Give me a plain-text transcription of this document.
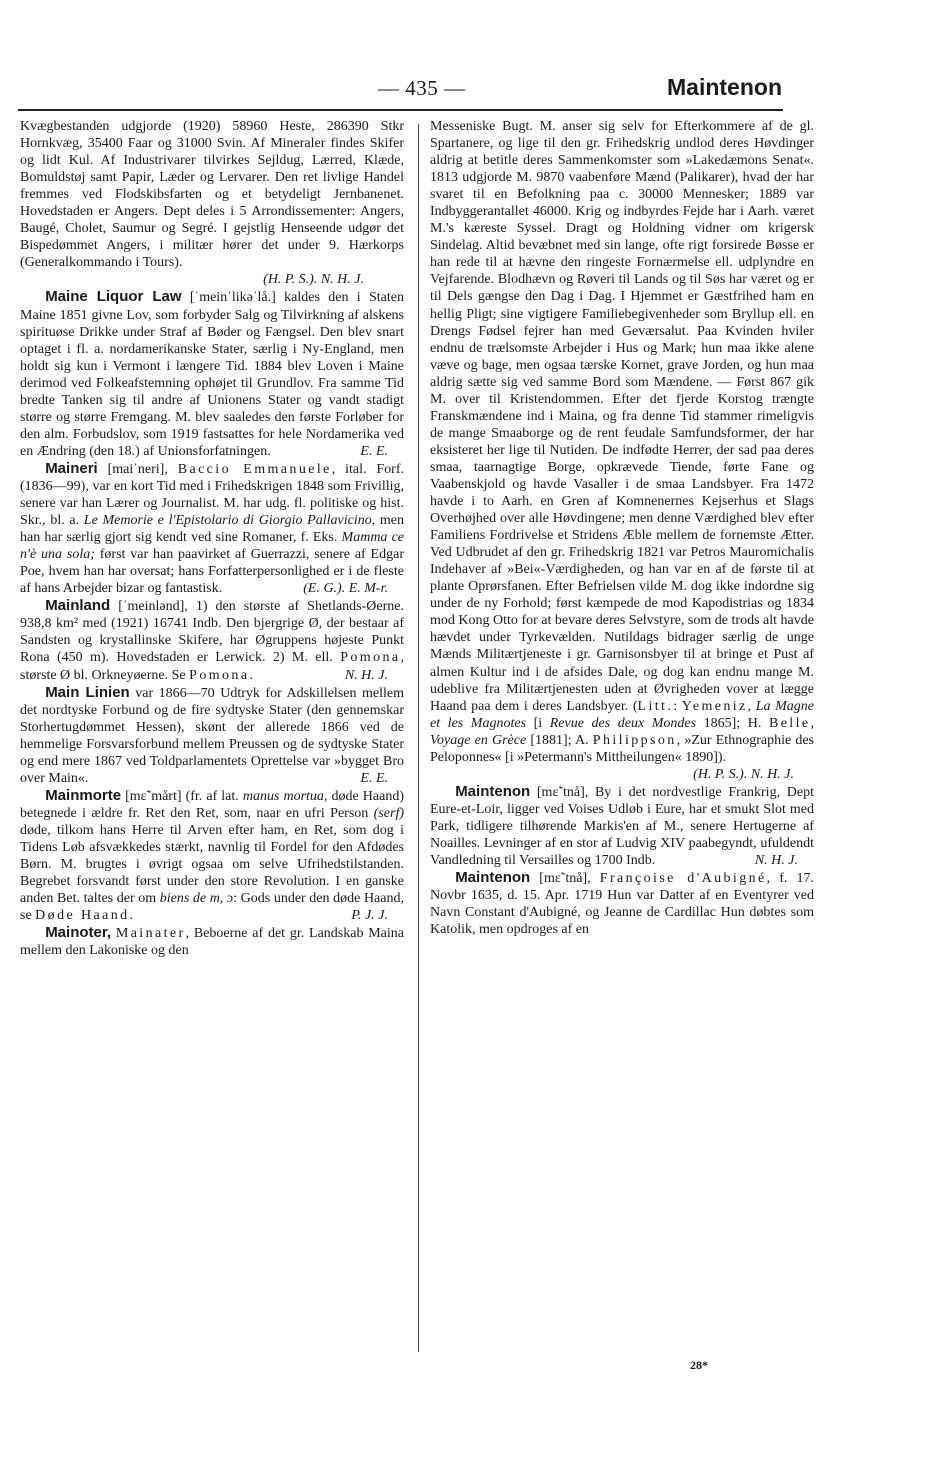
— 435 —	Maintenon

Kvægbestanden udgjorde (1920) 58960 Heste, 286390 Stkr Hornkvæg, 35400 Faar og 31000 Svin. Af Mineraler findes Skifer og lidt Kul. Af Industrivarer tilvirkes Sejldug, Lærred, Klæde, Bomuldstøj samt Papir, Læder og Lervarer. Den ret livlige Handel fremmes ved Flodskibsfarten og et betydeligt Jernbanenet. Hovedstaden er Angers. Dept deles i 5 Arrondissementer: Angers, Baugé, Cholet, Saumur og Segré. I gejstlig Henseende udgør det Bispedømmet Angers, i militær hører det under 9. Hærkorps (Generalkommando i Tours).
(H. P. S.). N. H. J.

Maine Liquor Law [ˈmeinˈlikəˈlå.] kaldes den i Staten Maine 1851 givne Lov, som forbyder Salg og Tilvirkning af alskens spirituøse Drikke under Straf af Bøder og Fængsel. Den blev snart optaget i fl. a. nordamerikanske Stater, særlig i Ny-England, men holdt sig kun i Vermont i længere Tid. 1884 blev Loven i Maine derimod ved Folkeafstemning ophøjet til Grundlov. Fra samme Tid bredte Tanken sig til andre af Unionens Stater og vandt stadigt større og større Fremgang. M. blev saaledes den første Forløber for den alm. Forbudslov, som 1919 fastsattes for hele Nordamerika ved en Ændring (den 18.) af Unionsforfatningen.	E. E.

Maineri [maiˈneri], Baccio Emmanuele, ital. Forf. (1836—99), var en kort Tid med i Frihedskrigen 1848 som Frivillig, senere var han Lærer og Journalist. M. har udg. fl. politiske og hist. Skr., bl. a. Le Memorie e l'Epistolario di Giorgio Pallavicino, men han har særlig gjort sig kendt ved sine Romaner, f. Eks. Mamma ce n'è una sola; først var han paavirket af Guerrazzi, senere af Edgar Poe, hvem han har oversat; hans Forfatterpersonlighed er i de fleste af hans Arbejder bizar og fantastisk.	(E. G.). E. M-r.

Mainland [ˈmeinlənd], 1) den største af Shetlands-Øerne. 938,8 km² med (1921) 16741 Indb. Den bjergrige Ø, der bestaar af Sandsten og krystallinske Skifere, har Øgruppens højeste Punkt Rona (450 m). Hovedstaden er Lerwick. 2) M. ell. Pomona, største Ø bl. Orkneyøerne. Se Pomona.	N. H. J.

Main Linien var 1866—70 Udtryk for Adskillelsen mellem det nordtyske Forbund og de fire sydtyske Stater (den gennemskar Storhertugdømmet Hessen), skønt der allerede 1866 ved de hemmelige Forsvarsforbund mellem Preussen og de sydtyske Stater og end mere 1867 ved Toldparlamentets Oprettelse var »bygget Bro over Main«.	E. E.

Mainmorte [mɛ̃ˈmårt] (fr. af lat. manus mortua, døde Haand) betegnede i ældre fr. Ret den Ret, som, naar en ufri Person (serf) døde, tilkom hans Herre til Arven efter ham, en Ret, som dog i Tidens Løb afsvækkedes stærkt, navnlig til Fordel for den Afdødes Børn. M. brugtes i øvrigt ogsaa om selve Ufrihedstilstanden. Begrebet forsvandt først under den store Revolution. I en ganske anden Bet. taltes der om biens de m, ɔ: Gods under den døde Haand, se Døde Haand.	P. J. J.

Mainoter, Mainater, Beboerne af det gr. Landskab Maina mellem den Lakoniske og den

Messeniske Bugt. M. anser sig selv for Efterkommere af de gl. Spartanere, og lige til den gr. Frihedskrig undlod deres Høvdinger aldrig at betitle deres Sammenkomster som »Lakedæmons Senat«. 1813 udgjorde M. 9870 vaabenføre Mænd (Palikarer), hvad der har svaret til en Befolkning paa c. 30000 Mennesker; 1889 var Indbyggerantallet 46000. Krig og indbyrdes Fejde har i Aarh. været M.'s kæreste Syssel. Dragt og Holdning vidner om krigersk Sindelag. Altid bevæbnet med sin lange, ofte rigt forsirede Bøsse er han rede til at hævne den ringeste Fornærmelse ell. udplyndre en Vejfarende. Blodhævn og Røveri til Lands og til Søs har været og er til Dels gængse den Dag i Dag. I Hjemmet er Gæstfrihed ham en hellig Pligt; sine vigtigere Familiebegivenheder som Bryllup ell. en Drengs Fødsel fejrer han med Geværsalut. Paa Kvinden hviler endnu de trælsomste Arbejder i Hus og Mark; hun maa ikke alene væve og bage, men ogsaa tærske Kornet, grave Jorden, og hun maa aldrig sætte sig ved samme Bord som Mændene. — Først 867 gik M. over til Kristendommen. Efter det fjerde Korstog trængte Franskmændene ind i Maina, og fra denne Tid stammer rimeligvis de mange Smaaborge og de rent feudale Samfundsformer, der har eksisteret her lige til Nutiden. De indfødte Herrer, der sad paa deres smaa, taarnagtige Borge, opkrævede Tiende, førte Fane og Vaabenskjold og havde Vasaller i de smaa Landsbyer. Fra 1472 havde i to Aarh. en Gren af Komnenernes Kejserhus et Slags Overhøjhed over alle Høvdingene; men denne Værdighed blev efter Familiens Fordrivelse et Stridens Æble mellem de fornemste Ætter. Ved Udbrudet af den gr. Frihedskrig 1821 var Petros Mauromichalis Indehaver af »Bei«-Værdigheden, og han var en af de første til at plante Oprørsfanen. Efter Befrielsen vilde M. dog ikke indordne sig under de ny Forhold; først kæmpede de mod Kapodistrias og 1834 mod Kong Otto for at bevare deres Selvstyre, som de trods alt havde hævdet under Tyrkevælden. Nutildags bidrager særlig de unge Mænds Militærtjeneste i gr. Garnisonsbyer til at bringe et Pust af almen Kultur ind i de afsides Dale, og dog kan endnu mange M. udeblive fra Militærtjenesten uden at Øvrigheden vover at lægge Haand paa dem i deres Landsbyer. (Litt.: Yemeniz, La Magne et les Magnotes [i Revue des deux Mondes 1865]; H. Belle, Voyage en Grèce [1881]; A. Philippson, »Zur Ethnographie des Peloponnes« [i »Petermann's Mittheilungen« 1890]).
(H. P. S.). N. H. J.

Maintenon [mɛ̃ˈtnå], By i det nordvestlige Frankrig, Dept Eure-et-Loir, ligger ved Voises Udløb i Eure, har et smukt Slot med Park, tidligere tilhørende Markis'en af M., senere Hertugerne af Noailles. Levninger af en stor af Ludvig XIV paabegyndt, ufuldendt Vandledning til Versailles og 1700 Indb.	N. H. J.

Maintenon [mɛ̃ˈtnå], Françoise d'Aubigné, f. 17. Novbr 1635, d. 15. Apr. 1719 Hun var Datter af en Eventyrer ved Navn Constant d'Aubigné, og Jeanne de Cardillac Hun døbtes som Katolik, men opdroges af en

28*
